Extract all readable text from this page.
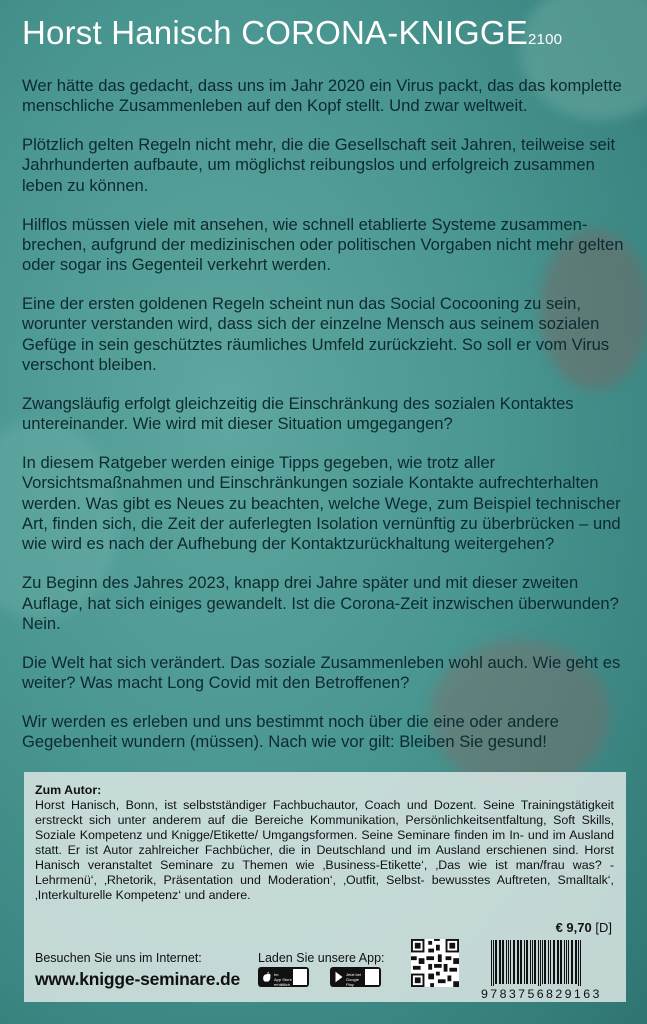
Horst Hanisch CORONA-KNIGGE2100

Wer hätte das gedacht, dass uns im Jahr 2020 ein Virus packt, das das komplette menschliche Zusammenleben auf den Kopf stellt. Und zwar weltweit.

Plötzlich gelten Regeln nicht mehr, die die Gesellschaft seit Jahren, teilweise seit Jahrhunderten aufbaute, um möglichst reibungslos und erfolgreich zusammen leben zu können.

Hilflos müssen viele mit ansehen, wie schnell etablierte Systeme zusammenbrechen, aufgrund der medizinischen oder politischen Vorgaben nicht mehr gelten oder sogar ins Gegenteil verkehrt werden.

Eine der ersten goldenen Regeln scheint nun das Social Cocooning zu sein, worunter verstanden wird, dass sich der einzelne Mensch aus seinem sozialen Gefüge in sein geschütztes räumliches Umfeld zurückzieht. So soll er vom Virus verschont bleiben.

Zwangsläufig erfolgt gleichzeitig die Einschränkung des sozialen Kontaktes untereinander. Wie wird mit dieser Situation umgegangen?

In diesem Ratgeber werden einige Tipps gegeben, wie trotz aller Vorsichtsmaßnahmen und Einschränkungen soziale Kontakte aufrechterhalten werden. Was gibt es Neues zu beachten, welche Wege, zum Beispiel technischer Art, finden sich, die Zeit der auferlegten Isolation vernünftig zu überbrücken – und wie wird es nach der Aufhebung der Kontaktzurückhaltung weitergehen?

Zu Beginn des Jahres 2023, knapp drei Jahre später und mit dieser zweiten Auflage, hat sich einiges gewandelt. Ist die Corona-Zeit inzwischen überwunden? Nein.

Die Welt hat sich verändert. Das soziale Zusammenleben wohl auch. Wie geht es weiter? Was macht Long Covid mit den Betroffenen?

Wir werden es erleben und uns bestimmt noch über die eine oder andere Gegebenheit wundern (müssen). Nach wie vor gilt: Bleiben Sie gesund!

Zum Autor:

Horst Hanisch, Bonn, ist selbstständiger Fachbuchautor, Coach und Dozent. Seine Trainingstätigkeit erstreckt sich unter anderem auf die Bereiche Kommunikation, Persönlichkeitsentfaltung, Soft Skills, Soziale Kompetenz und Knigge/Etikette/ Umgangsformen. Seine Seminare finden im In- und im Ausland statt. Er ist Autor zahlreicher Fachbücher, die in Deutschland und im Ausland erschienen sind. Horst Hanisch veranstaltet Seminare zu Themen wie ‚Business-Etikette‘, ‚Das wie ist man/frau was? - Lehrmenü‘, ‚Rhetorik, Präsentation und Moderation‘, ‚Outfit, Selbst- bewusstes Auftreten, Smalltalk‘, ‚Interkulturelle Kompetenz‘ und andere.

€ 9,70 [D]
Besuchen Sie uns im Internet:
www.knigge-seminare.de
Laden Sie unsere App:
Im
App Store
erhältlich
Jetzt bei
Google
Play
9783756829163
